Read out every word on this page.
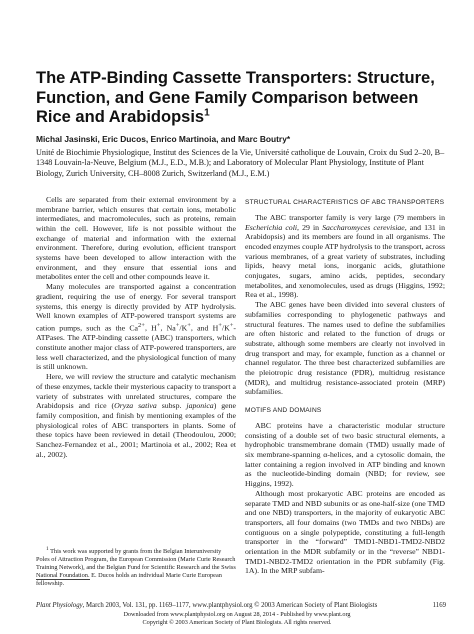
The ATP-Binding Cassette Transporters: Structure, Function, and Gene Family Comparison between Rice and Arabidopsis$^1$
Michal Jasinski, Eric Ducos, Enrico Martinoia, and Marc Boutry*
Unité de Biochimie Physiologique, Institut des Sciences de la Vie, Université catholique de Louvain, Croix du Sud 2–20, B–1348 Louvain-la-Neuve, Belgium (M.J., E.D., M.B.); and Laboratory of Molecular Plant Physiology, Institute of Plant Biology, Zurich University, CH–8008 Zurich, Switzerland (M.J., E.M.)

Cells are separated from their external environment by a membrane barrier, which ensures that certain ions, metabolic intermediates, and macromolecules, such as proteins, remain within the cell. However, life is not possible without the exchange of material and information with the external environment. Therefore, during evolution, efficient transport systems have been developed to allow interaction with the environment, and they ensure that essential ions and metabolites enter the cell and other compounds leave it.

Many molecules are transported against a concentration gradient, requiring the use of energy. For several transport systems, this energy is directly provided by ATP hydrolysis. Well known examples of ATP-powered transport systems are cation pumps, such as the $Ca^{2+}$, H+, Na+/K+, and H+/K+-ATPases. The ATP-binding cassette (ABC) transporters, which constitute another major class of ATP-powered transporters, are less well characterized, and the physiological function of many is still unknown.

Here, we will review the structure and catalytic mechanism of these enzymes, tackle their mysterious capacity to transport a variety of substrates with unrelated structures, compare the Arabidopsis and rice (Oryza sativa subsp. japonica) gene family composition, and finish by mentioning examples of the physiological roles of ABC transporters in plants. Some of these topics have been reviewed in detail (Theodoulou, 2000; Sanchez-Fernandez et al., 2001; Martinoia et al., 2002; Rea et al., 2002).

$^1$ This work was supported by grants from the Belgian Interuniversity Poles of Attraction Program, the European Commission (Marie Curie Research Training Network), and the Belgian Fund for Scientific Research and the Swiss National Foundation. E. Ducos holds an individual Marie Curie European fellowship.

STRUCTURAL CHARACTERISTICS OF ABC TRANSPORTERS

The ABC transporter family is very large (79 members in Escherichia coli, 29 in Saccharomyces cerevisiae, and 131 in Arabidopsis) and its members are found in all organisms. The encoded enzymes couple ATP hydrolysis to the transport, across various membranes, of a great variety of substrates, including lipids, heavy metal ions, inorganic acids, glutathione conjugates, sugars, amino acids, peptides, secondary metabolites, and xenomolecules, used as drugs (Higgins, 1992; Rea et al., 1998).

The ABC genes have been divided into several clusters of subfamilies corresponding to phylogenetic pathways and structural features. The names used to define the subfamilies are often historic and related to the function of drugs or substrate, although some members are clearly not involved in drug transport and may, for example, function as a channel or channel regulator. The three best characterized subfamilies are the pleiotropic drug resistance (PDR), multidrug resistance (MDR), and multidrug resistance-associated protein (MRP) subfamilies.

MOTIFS AND DOMAINS

ABC proteins have a characteristic modular structure consisting of a double set of two basic structural elements, a hydrophobic transmembrane domain (TMD) usually made of six membrane-spanning α-helices, and a cytosolic domain, the latter containing a region involved in ATP binding and known as the nucleotide-binding domain (NBD; for review, see Higgins, 1992).

Although most prokaryotic ABC proteins are encoded as separate TMD and NBD subunits or as one-half-size (one TMD and one NBD) transporters, in the majority of eukaryotic ABC transporters, all four domains (two TMDs and two NBDs) are contiguous on a single polypeptide, constituting a full-length transporter in the “forward” TMD1-NBD1-TMD2-NBD2 orientation in the MDR subfamily or in the “reverse” NBD1-TMD1-NBD2-TMD2 orientation in the PDR subfamily (Fig. 1A). In the MRP subfam-

Plant Physiology, March 2003, Vol. 131, pp. 1169–1177, www.plantphysiol.org © 2003 American Society of Plant Biologists	1169
Downloaded from www.plantphysiol.org on August 28, 2014 - Published by www.plant.org
Copyright © 2003 American Society of Plant Biologists. All rights reserved.
